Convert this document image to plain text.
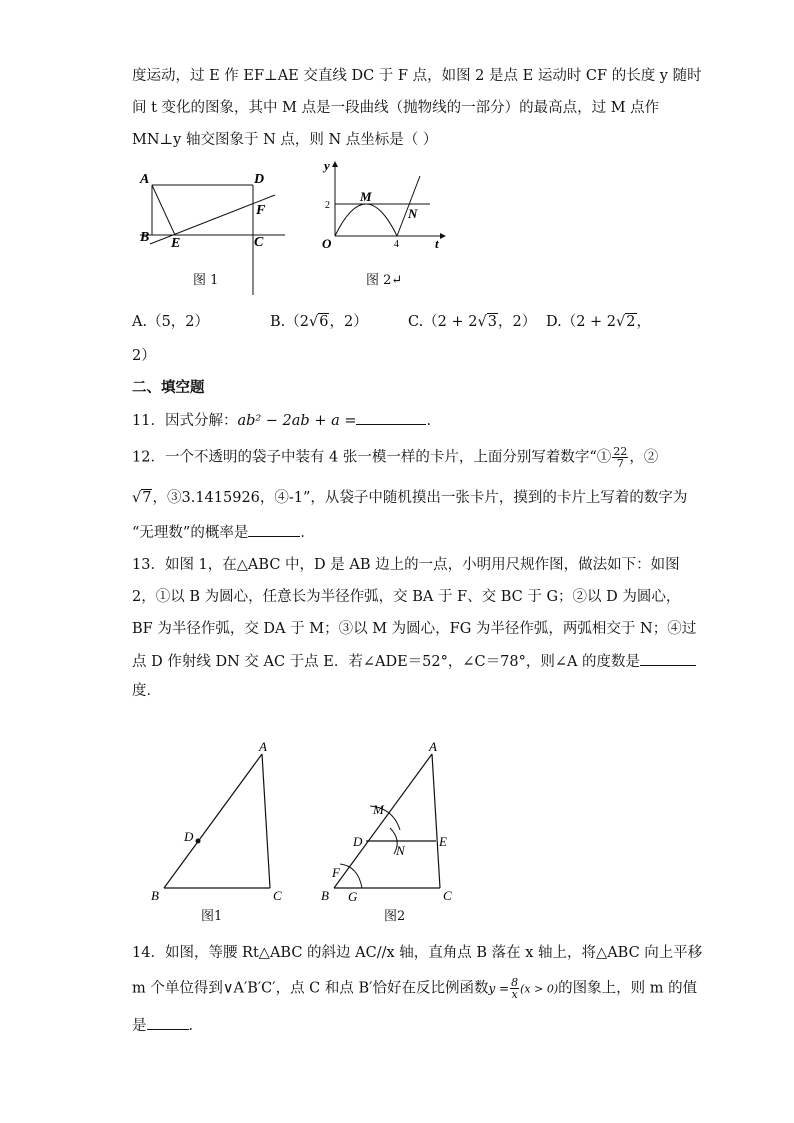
度运动，过 E 作 EF⊥AE 交直线 DC 于 F 点，如图 2 是点 E 运动时 CF 的长度 y 随时
间 t 变化的图象，其中 M 点是一段曲线（抛物线的一部分）的最高点，过 M 点作
MN⊥y 轴交图象于 N 点，则 N 点坐标是（ ）
A	D
F
B E	C
图 1
y
M
N
O	t
2
4
图 2↵
A.（5，2）	B.（2√6，2）	C.（2 + 2√3，2） D.（2 + 2√2，
2）
二、填空题
11．因式分解：ab² − 2ab + a =	．
12．一个不透明的袋子中装有 4 张一模一样的卡片，上面分别写着数字“① $\frac{22}{7}$ ，②
√7，③3.1415926，④-1”，从袋子中随机摸出一张卡片，摸到的卡片上写着的数字为
“无理数”的概率是	．
13．如图 1，在△ABC 中，D 是 AB 边上的一点，小明用尺规作图，做法如下：如图
2，①以 B 为圆心，任意长为半径作弧，交 BA 于 F、交 BC 于 G；②以 D 为圆心，
BF 为半径作弧，交 DA 于 M；③以 M 为圆心，FG 为半径作弧，两弧相交于 N；④过
点 D 作射线 DN 交 AC 于点 E．若∠ADE＝52°，∠C＝78°，则∠A 的度数是
度．
A
D
B	C
图1
A
M
D
N
E
F
B G	C
图2
14．如图，等腰 Rt△ABC 的斜边 AC//x 轴，直角点 B 落在 x 轴上，将△ABC 向上平移
m 个单位得到∨A′B′C′，点 C 和点 B′恰好在反比例函数$y = \frac{8}{x} (x > 0)$的图象上，则 m 的值
是	．
